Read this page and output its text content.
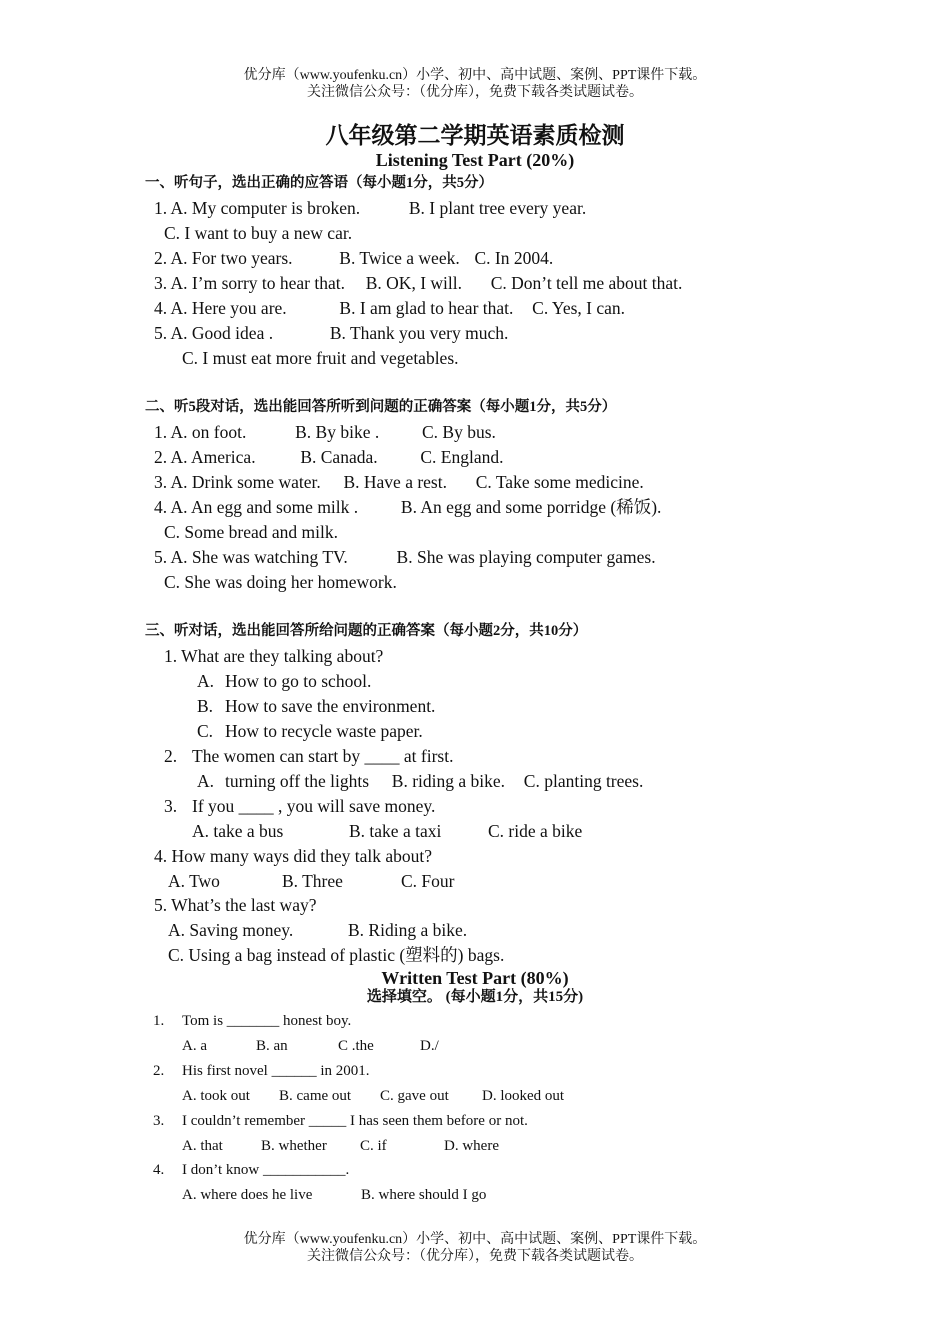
优分库（www.youfenku.cn）小学、初中、高中试题、案例、PPT课件下载。
关注微信公众号：（优分库），免费下载各类试题试卷。
八年级第二学期英语素质检测
Listening Test Part (20%)
一、听句子，选出正确的应答语（每小题1分，共5分）
1. A. My computer is broken.	B. I plant tree every year.
C. I want to buy a new car.
2. A. For two years.	B. Twice a week. C. In 2004.
3. A. I’m sorry to hear that. B. OK, I will. C. Don’t tell me about that.
4. A. Here you are.	B. I am glad to hear that. C. Yes, I can.
5. A. Good idea .	B. Thank you very much.
C. I must eat more fruit and vegetables.
二、听5段对话，选出能回答所听到问题的正确答案（每小题1分，共5分）
1. A. on foot.	B. By bike . C. By bus.
2. A. America.	B. Canada. C. England.
3. A. Drink some water. B. Have a rest. C. Take some medicine.
4. A. An egg and some milk . B. An egg and some porridge (稀饭).
C. Some bread and milk.
5. A. She was watching TV.	B. She was playing computer games.
C. She was doing her homework.
三、听对话，选出能回答所给问题的正确答案（每小题2分，共10分）
1. What are they talking about?
A. How to go to school.
B. How to save the environment.
C. How to recycle waste paper.
2. The women can start by ____ at first.
A. turning off the lights B. riding a bike. C. planting trees.
3. If you ____ , you will save money.
A. take a bus	B. take a taxi	C. ride a bike
4. How many ways did they talk about?
A. Two	B. Three	C. Four
5. What’s the last way?
A. Saving money.	B. Riding a bike.
C. Using a bag instead of plastic (塑料的) bags.
Written Test Part (80%)
选择填空。 (每小题1分，共15分)
1. Tom is _______ honest boy.
A. a	B. an	C .the	D./
2. His first novel ______ in 2001.
A. took out B. came out C. gave out D. looked out
3. I couldn’t remember _____ I has seen them before or not.
A. that	B. whether C. if	D. where
4. I don’t know ___________.
A. where does he live	B. where should I go
优分库（www.youfenku.cn）小学、初中、高中试题、案例、PPT课件下载。
关注微信公众号：（优分库），免费下载各类试题试卷。
